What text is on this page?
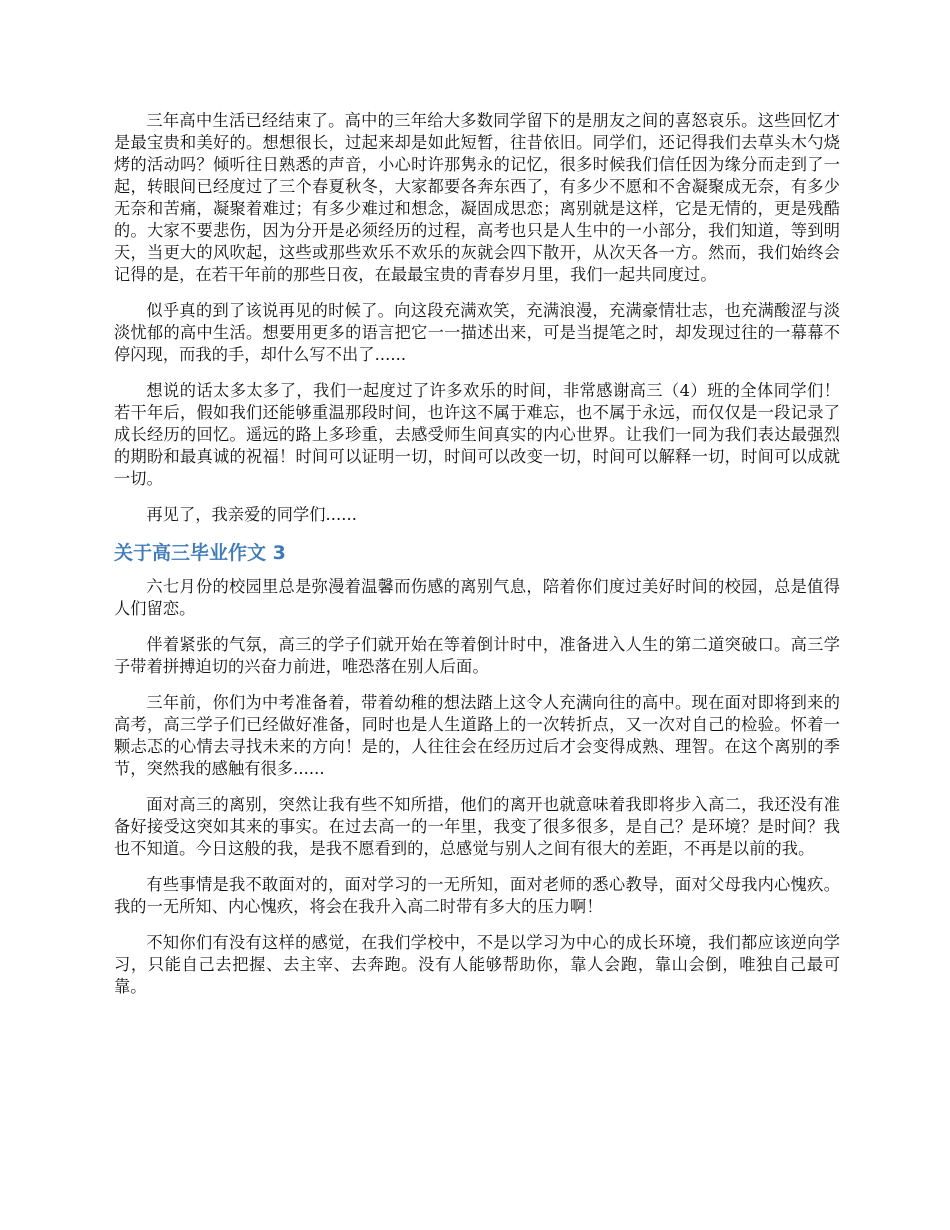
三年高中生活已经结束了。高中的三年给大多数同学留下的是朋友之间的喜怒哀乐。这些回忆才是最宝贵和美好的。想想很长，过起来却是如此短暂，往昔依旧。同学们，还记得我们去草头木勺烧烤的活动吗？倾听往日熟悉的声音，小心时许那隽永的记忆，很多时候我们信任因为缘分而走到了一起，转眼间已经度过了三个春夏秋冬，大家都要各奔东西了，有多少不愿和不舍凝聚成无奈，有多少无奈和苦痛，凝聚着难过；有多少难过和想念，凝固成思恋；离别就是这样，它是无情的，更是残酷的。大家不要悲伤，因为分开是必须经历的过程，高考也只是人生中的一小部分，我们知道，等到明天，当更大的风吹起，这些或那些欢乐不欢乐的灰就会四下散开，从次天各一方。然而，我们始终会记得的是，在若干年前的那些日夜，在最最宝贵的青春岁月里，我们一起共同度过。

似乎真的到了该说再见的时候了。向这段充满欢笑，充满浪漫，充满豪情壮志，也充满酸涩与淡淡忧郁的高中生活。想要用更多的语言把它一一描述出来，可是当提笔之时，却发现过往的一幕幕不停闪现，而我的手，却什么写不出了......

想说的话太多太多了，我们一起度过了许多欢乐的时间，非常感谢高三（4）班的全体同学们！若干年后，假如我们还能够重温那段时间，也许这不属于难忘，也不属于永远，而仅仅是一段记录了成长经历的回忆。遥远的路上多珍重，去感受师生间真实的内心世界。让我们一同为我们表达最强烈的期盼和最真诚的祝福！时间可以证明一切，时间可以改变一切，时间可以解释一切，时间可以成就一切。

再见了，我亲爱的同学们......

关于高三毕业作文 3

六七月份的校园里总是弥漫着温馨而伤感的离别气息，陪着你们度过美好时间的校园，总是值得人们留恋。

伴着紧张的气氛，高三的学子们就开始在等着倒计时中，准备进入人生的第二道突破口。高三学子带着拼搏迫切的兴奋力前进，唯恐落在别人后面。

三年前，你们为中考准备着，带着幼稚的想法踏上这令人充满向往的高中。现在面对即将到来的高考，高三学子们已经做好准备，同时也是人生道路上的一次转折点，又一次对自己的检验。怀着一颗忐忑的心情去寻找未来的方向！是的，人往往会在经历过后才会变得成熟、理智。在这个离别的季节，突然我的感触有很多......

面对高三的离别，突然让我有些不知所措，他们的离开也就意味着我即将步入高二，我还没有准备好接受这突如其来的事实。在过去高一的一年里，我变了很多很多，是自己？是环境？是时间？我也不知道。今日这般的我，是我不愿看到的，总感觉与别人之间有很大的差距，不再是以前的我。

有些事情是我不敢面对的，面对学习的一无所知，面对老师的悉心教导，面对父母我内心愧疚。我的一无所知、内心愧疚，将会在我升入高二时带有多大的压力啊！

不知你们有没有这样的感觉，在我们学校中，不是以学习为中心的成长环境，我们都应该逆向学习，只能自己去把握、去主宰、去奔跑。没有人能够帮助你，靠人会跑，靠山会倒，唯独自己最可靠。
